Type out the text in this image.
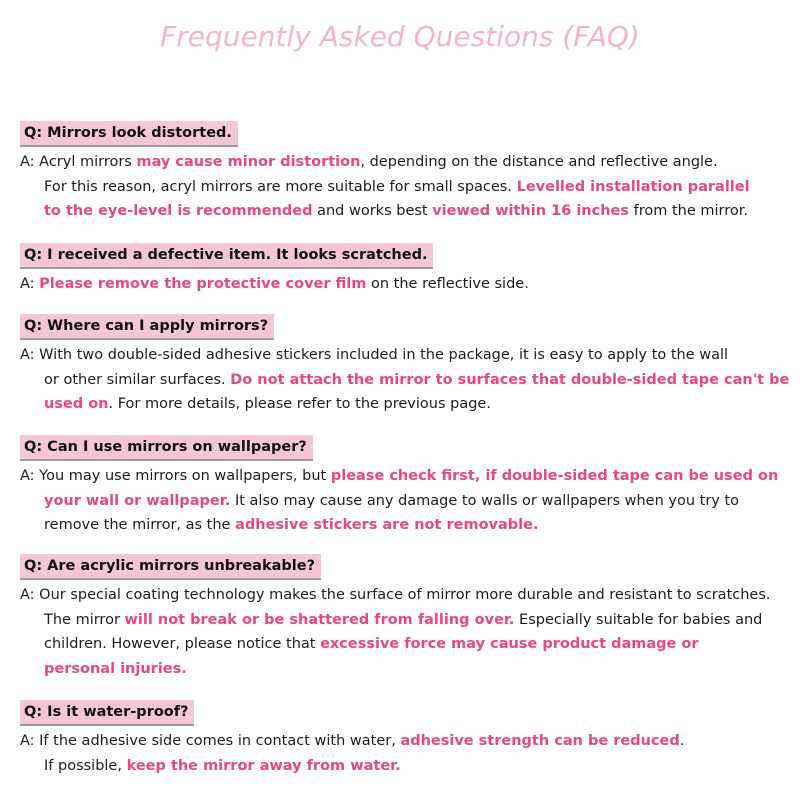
Frequently Asked Questions (FAQ)
Q: Mirrors look distorted.
A: Acryl mirrors may cause minor distortion, depending on the distance and reflective angle.
For this reason, acryl mirrors are more suitable for small spaces. Levelled installation parallel
to the eye-level is recommended and works best viewed within 16 inches from the mirror.
Q: I received a defective item. It looks scratched.
A: Please remove the protective cover film on the reflective side.
Q: Where can I apply mirrors?
A: With two double-sided adhesive stickers included in the package, it is easy to apply to the wall
or other similar surfaces. Do not attach the mirror to surfaces that double-sided tape can't be
used on. For more details, please refer to the previous page.
Q: Can I use mirrors on wallpaper?
A: You may use mirrors on wallpapers, but please check first, if double-sided tape can be used on
your wall or wallpaper. It also may cause any damage to walls or wallpapers when you try to
remove the mirror, as the adhesive stickers are not removable.
Q: Are acrylic mirrors unbreakable?
A: Our special coating technology makes the surface of mirror more durable and resistant to scratches.
The mirror will not break or be shattered from falling over. Especially suitable for babies and
children. However, please notice that excessive force may cause product damage or
personal injuries.
Q: Is it water-proof?
A: If the adhesive side comes in contact with water, adhesive strength can be reduced.
If possible, keep the mirror away from water.
